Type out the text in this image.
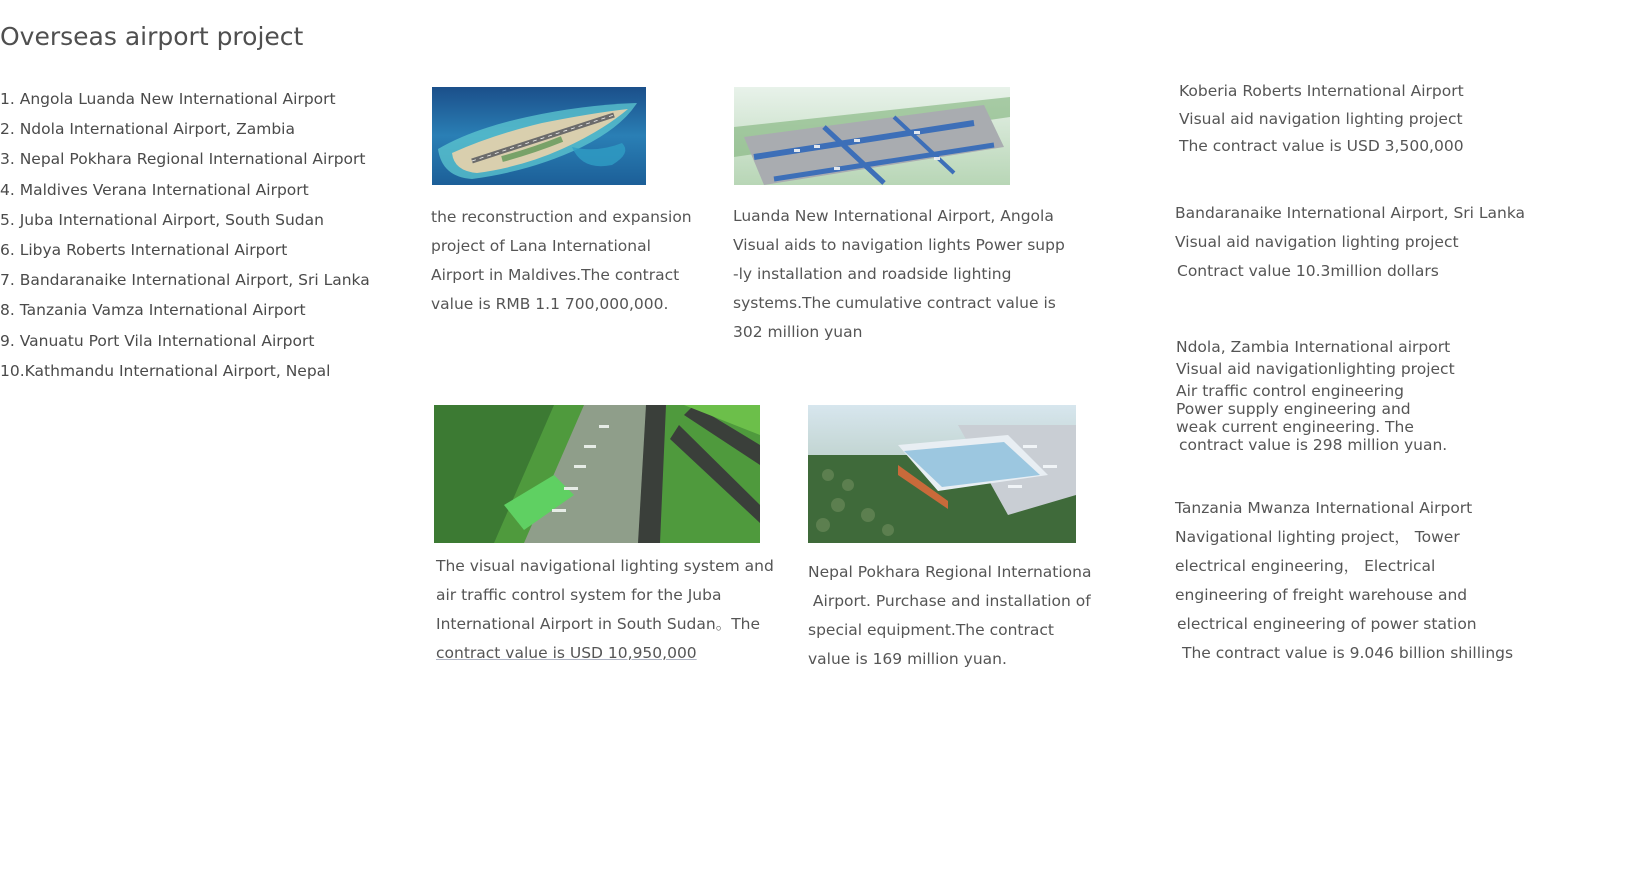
Overseas airport project
1. Angola Luanda New International Airport
2. Ndola International Airport, Zambia
3. Nepal Pokhara Regional International Airport
4. Maldives Verana International Airport
5. Juba International Airport, South Sudan
6. Libya Roberts International Airport
7. Bandaranaike International Airport, Sri Lanka
8. Tanzania Vamza International Airport
9. Vanuatu Port Vila International Airport
10.Kathmandu International Airport, Nepal
the reconstruction and expansion
project of Lana International
Airport in Maldives.The contract
value is RMB 1.1 700,000,000.
Luanda New International Airport, Angola
Visual aids to navigation lights Power supp
-ly installation and roadside lighting
systems.The cumulative contract value is
302 million yuan
The visual navigational lighting system and
air traffic control system for the Juba
International Airport in South Sudan。The
contract value is USD 10,950,000
Nepal Pokhara Regional Internationa
Airport. Purchase and installation of
special equipment.The contract
value is 169 million yuan.
Koberia Roberts International Airport
Visual aid navigation lighting project
The contract value is USD 3,500,000
Bandaranaike International Airport, Sri Lanka
Visual aid navigation lighting project
Contract value 10.3million dollars
Ndola, Zambia International airport
Visual aid navigationlighting project
Air traffic control engineering
Power supply engineering and
weak current engineering. The
contract value is 298 million yuan.
Tanzania Mwanza International Airport
Navigational lighting project， Tower
electrical engineering， Electrical
engineering of freight warehouse and
electrical engineering of power station
The contract value is 9.046 billion shillings
